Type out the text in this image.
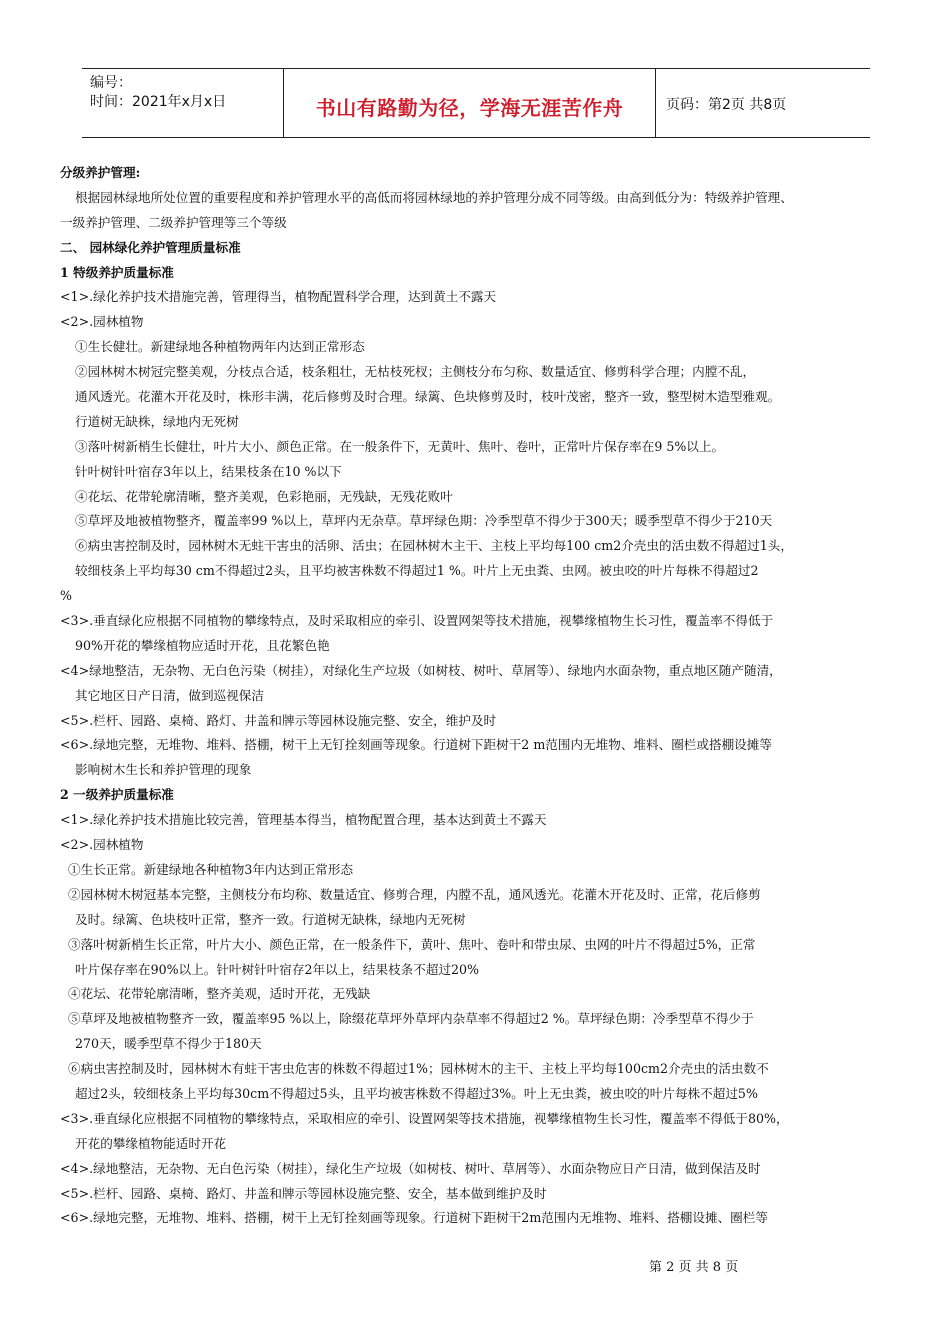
编号：
时间：2021年x月x日	书山有路勤为径，学海无涯苦作舟	页码：第2页 共8页
分级养护管理:
根据园林绿地所处位置的重要程度和养护管理水平的高低而将园林绿地的养护管理分成不同等级。由高到低分为：特级养护管理、
一级养护管理、二级养护管理等三个等级
二、 园林绿化养护管理质量标准
1 特级养护质量标准
<1>.绿化养护技术措施完善，管理得当，植物配置科学合理，达到黄土不露天
<2>.园林植物
①生长健壮。新建绿地各种植物两年内达到正常形态
②园林树木树冠完整美观，分枝点合适，枝条粗壮，无枯枝死杈；主侧枝分布匀称、数量适宜、修剪科学合理；内膛不乱，
通风透光。花灌木开花及时，株形丰满，花后修剪及时合理。绿篱、色块修剪及时，枝叶茂密，整齐一致，整型树木造型雅观。
行道树无缺株，绿地内无死树
③落叶树新梢生长健壮，叶片大小、颜色正常。在一般条件下，无黄叶、焦叶、卷叶，正常叶片保存率在9 5%以上。
针叶树针叶宿存3年以上，结果枝条在10 %以下
④花坛、花带轮廓清晰，整齐美观，色彩艳丽，无残缺，无残花败叶
⑤草坪及地被植物整齐，覆盖率99 %以上，草坪内无杂草。草坪绿色期：冷季型草不得少于300天；暖季型草不得少于210天
⑥病虫害控制及时，园林树木无蛀干害虫的活卵、活虫；在园林树木主干、主枝上平均每100 cm2介壳虫的活虫数不得超过1头，
较细枝条上平均每30 cm不得超过2头，且平均被害株数不得超过1 %。叶片上无虫粪、虫网。被虫咬的叶片每株不得超过2
%
<3>.垂直绿化应根据不同植物的攀缘特点，及时采取相应的牵引、设置网架等技术措施，视攀缘植物生长习性，覆盖率不得低于
90%开花的攀缘植物应适时开花，且花繁色艳
<4>绿地整洁，无杂物、无白色污染（树挂），对绿化生产垃圾（如树枝、树叶、草屑等）、绿地内水面杂物，重点地区随产随清，
其它地区日产日清，做到巡视保洁
<5>.栏杆、园路、桌椅、路灯、井盖和牌示等园林设施完整、安全，维护及时
<6>.绿地完整，无堆物、堆料、搭棚，树干上无钉拴刻画等现象。行道树下距树干2 m范围内无堆物、堆料、圈栏或搭棚设摊等
影响树木生长和养护管理的现象
2 一级养护质量标准
<1>.绿化养护技术措施比较完善，管理基本得当，植物配置合理，基本达到黄土不露天
<2>.园林植物
①生长正常。新建绿地各种植物3年内达到正常形态
②园林树木树冠基本完整，主侧枝分布均称、数量适宜、修剪合理，内膛不乱，通风透光。花灌木开花及时、正常，花后修剪
及时。绿篱、色块枝叶正常，整齐一致。行道树无缺株，绿地内无死树
③落叶树新梢生长正常，叶片大小、颜色正常，在一般条件下，黄叶、焦叶、卷叶和带虫尿、虫网的叶片不得超过5%，正常
叶片保存率在90%以上。针叶树针叶宿存2年以上，结果枝条不超过20%
④花坛、花带轮廓清晰，整齐美观，适时开花，无残缺
⑤草坪及地被植物整齐一致，覆盖率95 %以上，除缀花草坪外草坪内杂草率不得超过2 %。草坪绿色期：冷季型草不得少于
270天，暖季型草不得少于180天
⑥病虫害控制及时，园林树木有蛀干害虫危害的株数不得超过1%；园林树木的主干、主枝上平均每100cm2介壳虫的活虫数不
超过2头，较细枝条上平均每30cm不得超过5头，且平均被害株数不得超过3%。叶上无虫粪，被虫咬的叶片每株不超过5%
<3>.垂直绿化应根据不同植物的攀缘特点，采取相应的牵引、设置网架等技术措施，视攀缘植物生长习性，覆盖率不得低于80%，
开花的攀缘植物能适时开花
<4>.绿地整洁，无杂物、无白色污染（树挂），绿化生产垃圾（如树枝、树叶、草屑等）、水面杂物应日产日清，做到保洁及时
<5>.栏杆、园路、桌椅、路灯、井盖和牌示等园林设施完整、安全，基本做到维护及时
<6>.绿地完整，无堆物、堆料、搭棚，树干上无钉拴刻画等现象。行道树下距树干2m范围内无堆物、堆料、搭棚设摊、圈栏等
第 2 页 共 8 页
